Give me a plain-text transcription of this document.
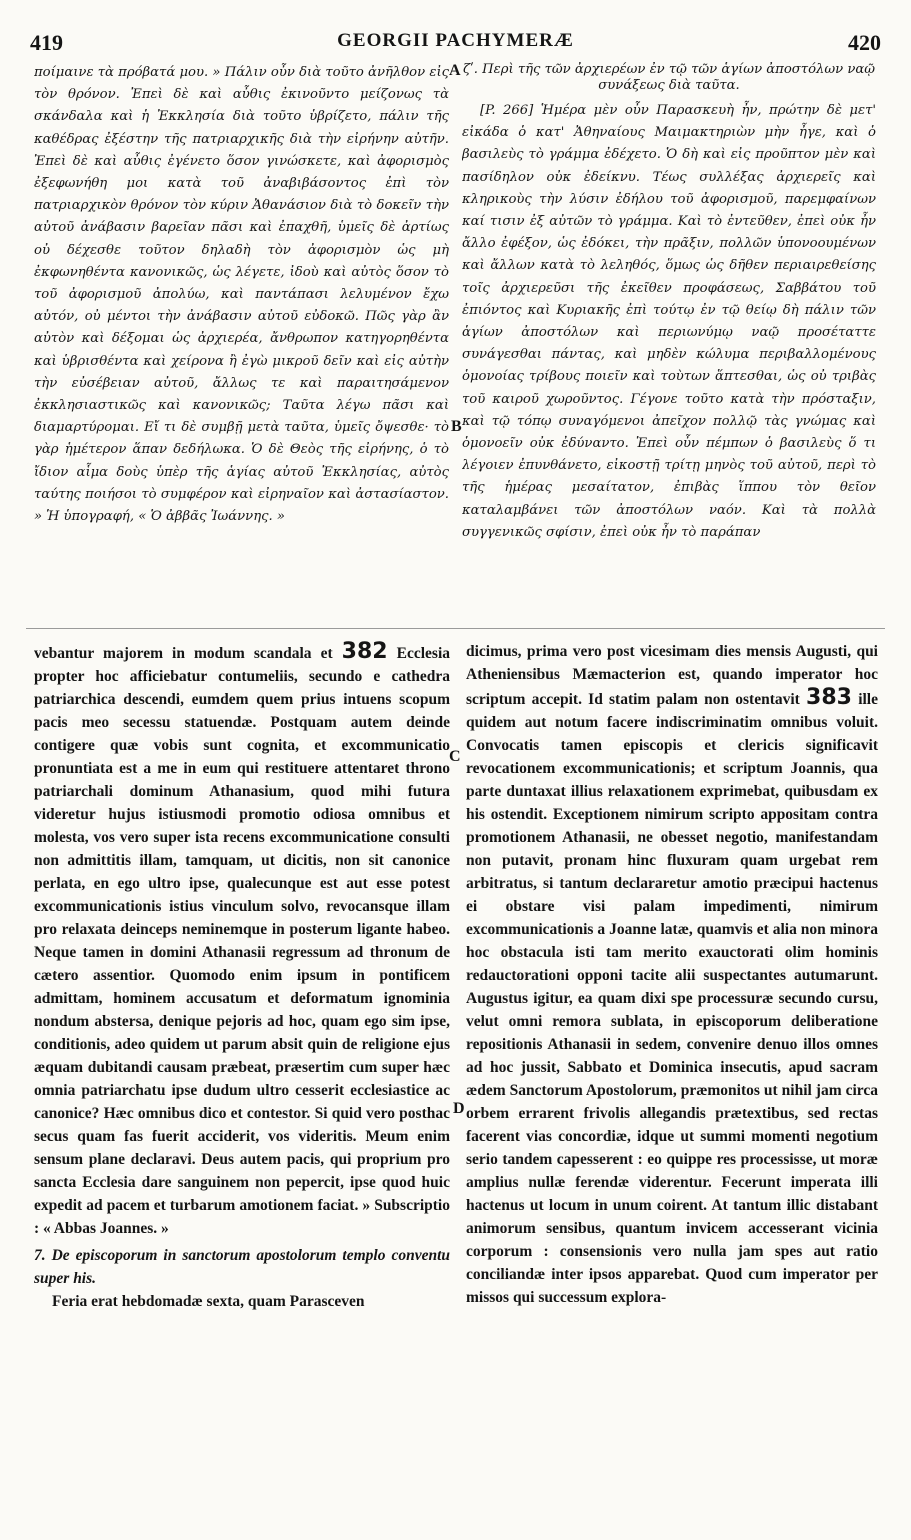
419	GEORGII PACHYMERÆ	420

ποίμαινε τὰ πρόβατά μου. » Πάλιν οὖν διὰ τοῦτο ἀνῆλθον εἰς τὸν θρόνον. Ἐπεὶ δὲ καὶ αὖθις ἐκινοῦντο μείζονως τὰ σκάνδαλα καὶ ἡ Ἐκκλησία διὰ τοῦτο ὑβρίζετο, πάλιν τῆς καθέδρας ἐξέστην τῆς πατριαρχικῆς διὰ τὴν εἰρήνην αὐτῆν. Ἐπεὶ δὲ καὶ αὖθις ἐγένετο ὅσον γινώσκετε, καὶ ἀφορισμὸς ἐξεφωνήθη μοι κατὰ τοῦ ἀναβιβάσοντος ἐπὶ τὸν πατριαρχικὸν θρόνον τὸν κύριν Ἀθανάσιον διὰ τὸ δοκεῖν τὴν αὐτοῦ ἀνάβασιν βαρεῖαν πᾶσι καὶ ἐπαχθῆ, ὑμεῖς δὲ ἀρτίως οὐ δέχεσθε τοῦτον δηλαδὴ τὸν ἀφορισμὸν ὡς μὴ ἐκφωνηθέντα κανονικῶς, ὡς λέγετε, ἰδοὺ καὶ αὐτὸς ὅσον τὸ τοῦ ἀφορισμοῦ ἀπολύω, καὶ παντάπασι λελυμένον ἔχω αὐτόν, οὐ μέντοι τὴν ἀνάβασιν αὐτοῦ εὐδοκῶ. Πῶς γὰρ ἂν αὐτὸν καὶ δέξομαι ὡς ἀρχιερέα, ἄνθρωπον κατηγορηθέντα καὶ ὑβρισθέντα καὶ χείρονα ἢ ἐγὼ μικροῦ δεῖν καὶ εἰς αὐτὴν τὴν εὐσέβειαν αὐτοῦ, ἄλλως τε καὶ παραιτησάμενον ἐκκλησιαστικῶς καὶ κανονικῶς; Ταῦτα λέγω πᾶσι καὶ διαμαρτύρομαι. Εἴ τι δὲ συμβῇ μετὰ ταῦτα, ὑμεῖς ὄψεσθε· τὸ γὰρ ἡμέτερον ἅπαν δεδήλωκα. Ὁ δὲ Θεὸς τῆς εἰρήνης, ὁ τὸ ἴδιον αἷμα δοὺς ὑπὲρ τῆς ἁγίας αὐτοῦ Ἐκκλησίας, αὐτὸς ταύτης ποιήσοι τὸ συμφέρον καὶ εἰρηναῖον καὶ ἀστασίαστον. » Ἡ ὑπογραφή, « Ὁ ἀββᾶς Ἰωάννης. »

ζʹ. Περὶ τῆς τῶν ἀρχιερέων ἐν τῷ τῶν ἁγίων ἀποστόλων ναῷ συνάξεως διὰ ταῦτα.

[P. 266] Ἡμέρα μὲν οὖν Παρασκευὴ ἦν, πρώτην δὲ μετ' εἰκάδα ὁ κατ' Ἀθηναίους Μαιμακτηριὼν μὴν ἦγε, καὶ ὁ βασιλεὺς τὸ γράμμα ἐδέχετο. Ὁ δὴ καὶ εἰς προῦπτον μὲν καὶ πασίδηλον οὐκ ἐδείκνυ. Τέως συλλέξας ἀρχιερεῖς καὶ κληρικοὺς τὴν λύσιν ἐδήλου τοῦ ἀφορισμοῦ, παρεμφαίνων καί τισιν ἐξ αὐτῶν τὸ γράμμα. Καὶ τὸ ἐντεῦθεν, ἐπεὶ οὐκ ἦν ἄλλο ἐφέξον, ὡς ἐδόκει, τὴν πρᾶξιν, πολλῶν ὑπονοουμένων καὶ ἄλλων κατὰ τὸ λεληθός, ὅμως ὡς δῆθεν περιαιρεθείσης τοῖς ἀρχιερεῦσι τῆς ἐκεῖθεν προφάσεως, Σαββάτου τοῦ ἐπιόντος καὶ Κυριακῆς ἐπὶ τούτῳ ἐν τῷ θείῳ δὴ πάλιν τῶν ἁγίων ἀποστόλων καὶ περιωνύμῳ ναῷ προσέταττε συνάγεσθαι πάντας, καὶ μηδὲν κώλυμα περιβαλλομένους ὁμονοίας τρίβους ποιεῖν καὶ τοὺτων ἅπτεσθαι, ὡς οὐ τριβὰς τοῦ καιροῦ χωροῦντος. Γέγονε τοῦτο κατὰ τὴν πρόσταξιν, καὶ τῷ τόπῳ συναγόμενοι ἀπεῖχον πολλῷ τὰς γνώμας καὶ ὁμονοεῖν οὐκ ἐδύναντο. Ἐπεὶ οὖν πέμπων ὁ βασιλεὺς ὅ τι λέγοιεν ἐπυνθάνετο, εἰκοστῇ τρίτῃ μηνὸς τοῦ αὐτοῦ, περὶ τὸ τῆς ἡμέρας μεσαίτατον, ἐπιβὰς ἵππου τὸν θεῖον καταλαμβάνει τῶν ἀποστόλων ναόν. Καὶ τὰ πολλὰ συγγενικῶς σφίσιν, ἐπεὶ οὐκ ἦν τὸ παράπαν

A
B
C
D

vebantur majorem in modum scandala et 382 Ecclesia propter hoc afficiebatur contumeliis, secundo e cathedra patriarchica descendi, eumdem quem prius intuens scopum pacis meo secessu statuendæ. Postquam autem deinde contigere quæ vobis sunt cognita, et excommunicatio pronuntiata est a me in eum qui restituere attentaret throno patriarchali dominum Athanasium, quod mihi futura videretur hujus istiusmodi promotio odiosa omnibus et molesta, vos vero super ista recens excommunicatione consulti non admittitis illam, tamquam, ut dicitis, non sit canonice perlata, en ego ultro ipse, qualecunque est aut esse potest excommunicationis istius vinculum solvo, revocansque illam pro relaxata deinceps neminemque in posterum ligante habeo. Neque tamen in domini Athanasii regressum ad thronum de cætero assentior. Quomodo enim ipsum in pontificem admittam, hominem accusatum et deformatum ignominia nondum abstersa, denique pejoris ad hoc, quam ego sim ipse, conditionis, adeo quidem ut parum absit quin de religione ejus æquam dubitandi causam præbeat, præsertim cum super hæc omnia patriarchatu ipse dudum ultro cesserit ecclesiastice ac canonice? Hæc omnibus dico et contestor. Si quid vero posthac secus quam fas fuerit acciderit, vos videritis. Meum enim sensum plane declaravi. Deus autem pacis, qui proprium pro sancta Ecclesia dare sanguinem non pepercit, ipse quod huic expedit ad pacem et turbarum amotionem faciat. » Subscriptio : « Abbas Joannes. »

7. De episcoporum in sanctorum apostolorum templo conventu super his.

Feria erat hebdomadæ sexta, quam Parasceven

dicimus, prima vero post vicesimam dies mensis Augusti, qui Atheniensibus Mæmacterion est, quando imperator hoc scriptum accepit. Id statim palam non ostentavit 383 ille quidem aut notum facere indiscriminatim omnibus voluit. Convocatis tamen episcopis et clericis significavit revocationem excommunicationis; et scriptum Joannis, qua parte duntaxat illius relaxationem exprimebat, quibusdam ex his ostendit. Exceptionem nimirum scripto appositam contra promotionem Athanasii, ne obesset negotio, manifestandam non putavit, pronam hinc fluxuram quam urgebat rem arbitratus, si tantum declararetur amotio præcipui hactenus ei obstare visi palam impedimenti, nimirum excommunicationis a Joanne latæ, quamvis et alia non minora hoc obstacula isti tam merito exauctorati olim hominis redauctorationi opponi tacite alii suspectantes autumarunt. Augustus igitur, ea quam dixi spe processuræ secundo cursu, velut omni remora sublata, in episcoporum deliberatione repositionis Athanasii in sedem, convenire denuo illos omnes ad hoc jussit, Sabbato et Dominica insecutis, apud sacram ædem Sanctorum Apostolorum, præmonitos ut nihil jam circa orbem errarent frivolis allegandis prætextibus, sed rectas facerent vias concordiæ, idque ut summi momenti negotium serio tandem capesserent : eo quippe res processisse, ut moræ amplius nullæ ferendæ viderentur. Fecerunt imperata illi hactenus ut locum in unum coirent. At tantum illic distabant animorum sensibus, quantum invicem accesserant vicinia corporum : consensionis vero nulla jam spes aut ratio conciliandæ inter ipsos apparebat. Quod cum imperator per missos qui successum explora-
